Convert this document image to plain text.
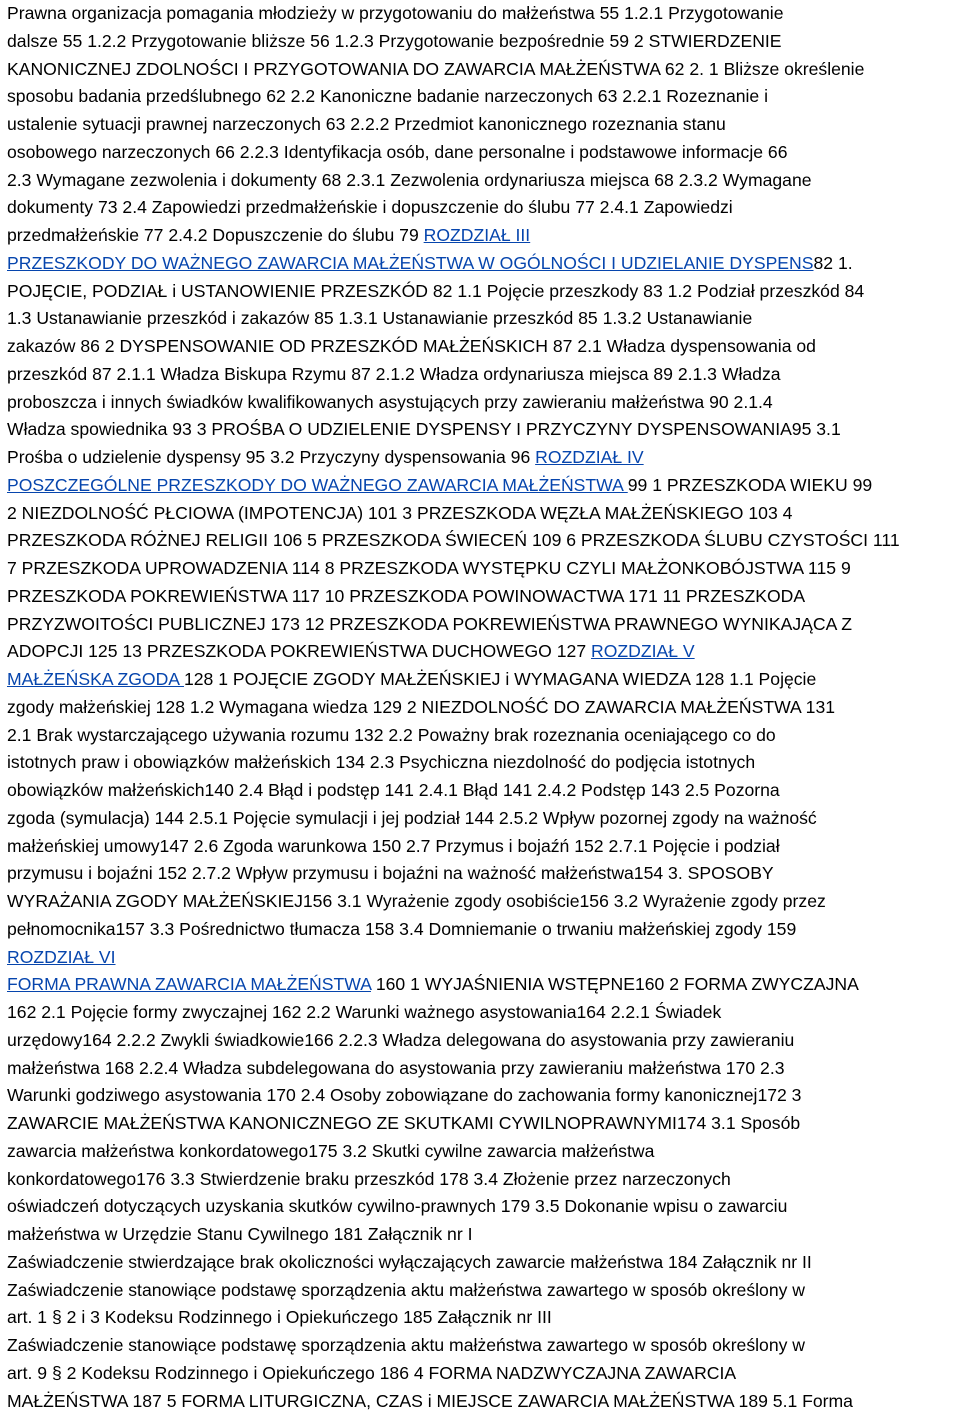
Prawna organizacja pomagania młodzieży w przygotowaniu do małżeństwa 55 1.2.1 Przygotowanie
dalsze 55 1.2.2 Przygotowanie bliższe 56 1.2.3 Przygotowanie bezpośrednie 59 2 STWIERDZENIE
KANONICZNEJ ZDOLNOŚCI I PRZYGOTOWANIA DO ZAWARCIA MAŁŻEŃSTWA 62 2. 1 Bliższe określenie
sposobu badania przedślubnego 62 2.2 Kanoniczne badanie narzeczonych 63 2.2.1 Rozeznanie i
ustalenie sytuacji prawnej narzeczonych 63 2.2.2 Przedmiot kanonicznego rozeznania stanu
osobowego narzeczonych 66 2.2.3 Identyfikacja osób, dane personalne i podstawowe informacje 66
2.3 Wymagane zezwolenia i dokumenty 68 2.3.1 Zezwolenia ordynariusza miejsca 68 2.3.2 Wymagane
dokumenty 73 2.4 Zapowiedzi przedmałżeńskie i dopuszczenie do ślubu 77 2.4.1 Zapowiedzi
przedmałżeńskie 77 2.4.2 Dopuszczenie do ślubu 79 ROZDZIAŁ III
PRZESZKODY DO WAŻNEGO ZAWARCIA MAŁŻEŃSTWA W OGÓLNOŚCI I UDZIELANIE DYSPENS82 1.
POJĘCIE, PODZIAŁ i USTANOWIENIE PRZESZKÓD 82 1.1 Pojęcie przeszkody 83 1.2 Podział przeszkód 84
1.3 Ustanawianie przeszkód i zakazów 85 1.3.1 Ustanawianie przeszkód 85 1.3.2 Ustanawianie
zakazów 86 2 DYSPENSOWANIE OD PRZESZKÓD MAŁŻEŃSKICH 87 2.1 Władza dyspensowania od
przeszkód 87 2.1.1 Władza Biskupa Rzymu 87 2.1.2 Władza ordynariusza miejsca 89 2.1.3 Władza
proboszcza i innych świadków kwalifikowanych asystujących przy zawieraniu małżeństwa 90 2.1.4
Władza spowiednika 93 3 PROŚBA O UDZIELENIE DYSPENSY I PRZYCZYNY DYSPENSOWANIA95 3.1
Prośba o udzielenie dyspensy 95 3.2 Przyczyny dyspensowania 96 ROZDZIAŁ IV
POSZCZEGÓLNE PRZESZKODY DO WAŻNEGO ZAWARCIA MAŁŻEŃSTWA 99 1 PRZESZKODA WIEKU 99
2 NIEZDOLNOŚĆ PŁCIOWA (IMPOTENCJA) 101 3 PRZESZKODA WĘZŁA MAŁŻEŃSKIEGO 103 4
PRZESZKODA RÓŻNEJ RELIGII 106 5 PRZESZKODA ŚWIECEŃ 109 6 PRZESZKODA ŚLUBU CZYSTOŚCI 111
7 PRZESZKODA UPROWADZENIA 114 8 PRZESZKODA WYSTĘPKU CZYLI MAŁŻONKOBÓJSTWA 115 9
PRZESZKODA POKREWIEŃSTWA 117 10 PRZESZKODA POWINOWACTWA 171 11 PRZESZKODA
PRZYZWOITOŚCI PUBLICZNEJ 173 12 PRZESZKODA POKREWIEŃSTWA PRAWNEGO WYNIKAJĄCA Z
ADOPCJI 125 13 PRZESZKODA POKREWIEŃSTWA DUCHOWEGO 127 ROZDZIAŁ V
MAŁŻEŃSKA ZGODA 128 1 POJĘCIE ZGODY MAŁŻEŃSKIEJ i WYMAGANA WIEDZA 128 1.1 Pojęcie
zgody małżeńskiej 128 1.2 Wymagana wiedza 129 2 NIEZDOLNOŚĆ DO ZAWARCIA MAŁŻEŃSTWA 131
2.1 Brak wystarczającego używania rozumu 132 2.2 Poważny brak rozeznania oceniającego co do
istotnych praw i obowiązków małżeńskich 134 2.3 Psychiczna niezdolność do podjęcia istotnych
obowiązków małżeńskich140 2.4 Błąd i podstęp 141 2.4.1 Błąd 141 2.4.2 Podstęp 143 2.5 Pozorna
zgoda (symulacja) 144 2.5.1 Pojęcie symulacji i jej podział 144 2.5.2 Wpływ pozornej zgody na ważność
małżeńskiej umowy147 2.6 Zgoda warunkowa 150 2.7 Przymus i bojaźń 152 2.7.1 Pojęcie i podział
przymusu i bojaźni 152 2.7.2 Wpływ przymusu i bojaźni na ważność małżeństwa154 3. SPOSOBY
WYRAŻANIA ZGODY MAŁŻEŃSKIEJ156 3.1 Wyrażenie zgody osobiście156 3.2 Wyrażenie zgody przez
pełnomocnika157 3.3 Pośrednictwo tłumacza 158 3.4 Domniemanie o trwaniu małżeńskiej zgody 159
ROZDZIAŁ VI
FORMA PRAWNA ZAWARCIA MAŁŻEŃSTWA 160 1 WYJAŚNIENIA WSTĘPNE160 2 FORMA ZWYCZAJNA
162 2.1 Pojęcie formy zwyczajnej 162 2.2 Warunki ważnego asystowania164 2.2.1 Świadek
urzędowy164 2.2.2 Zwykli świadkowie166 2.2.3 Władza delegowana do asystowania przy zawieraniu
małżeństwa 168 2.2.4 Władza subdelegowana do asystowania przy zawieraniu małżeństwa 170 2.3
Warunki godziwego asystowania 170 2.4 Osoby zobowiązane do zachowania formy kanonicznej172 3
ZAWARCIE MAŁŻEŃSTWA KANONICZNEGO ZE SKUTKAMI CYWILNOPRAWNYMI174 3.1 Sposób
zawarcia małżeństwa konkordatowego175 3.2 Skutki cywilne zawarcia małżeństwa
konkordatowego176 3.3 Stwierdzenie braku przeszkód 178 3.4 Złożenie przez narzeczonych
oświadczeń dotyczących uzyskania skutków cywilno-prawnych 179 3.5 Dokonanie wpisu o zawarciu
małżeństwa w Urzędzie Stanu Cywilnego 181 Załącznik nr I
Zaświadczenie stwierdzające brak okoliczności wyłączających zawarcie małżeństwa 184 Załącznik nr II
Zaświadczenie stanowiące podstawę sporządzenia aktu małżeństwa zawartego w sposób określony w
art. 1 § 2 i 3 Kodeksu Rodzinnego i Opiekuńczego 185 Załącznik nr III
Zaświadczenie stanowiące podstawę sporządzenia aktu małżeństwa zawartego w sposób określony w
art. 9 § 2 Kodeksu Rodzinnego i Opiekuńczego 186 4 FORMA NADZWYCZAJNA ZAWARCIA
MAŁŻEŃSTWA 187 5 FORMA LITURGICZNA, CZAS i MIEJSCE ZAWARCIA MAŁŻEŃSTWA 189 5.1 Forma
